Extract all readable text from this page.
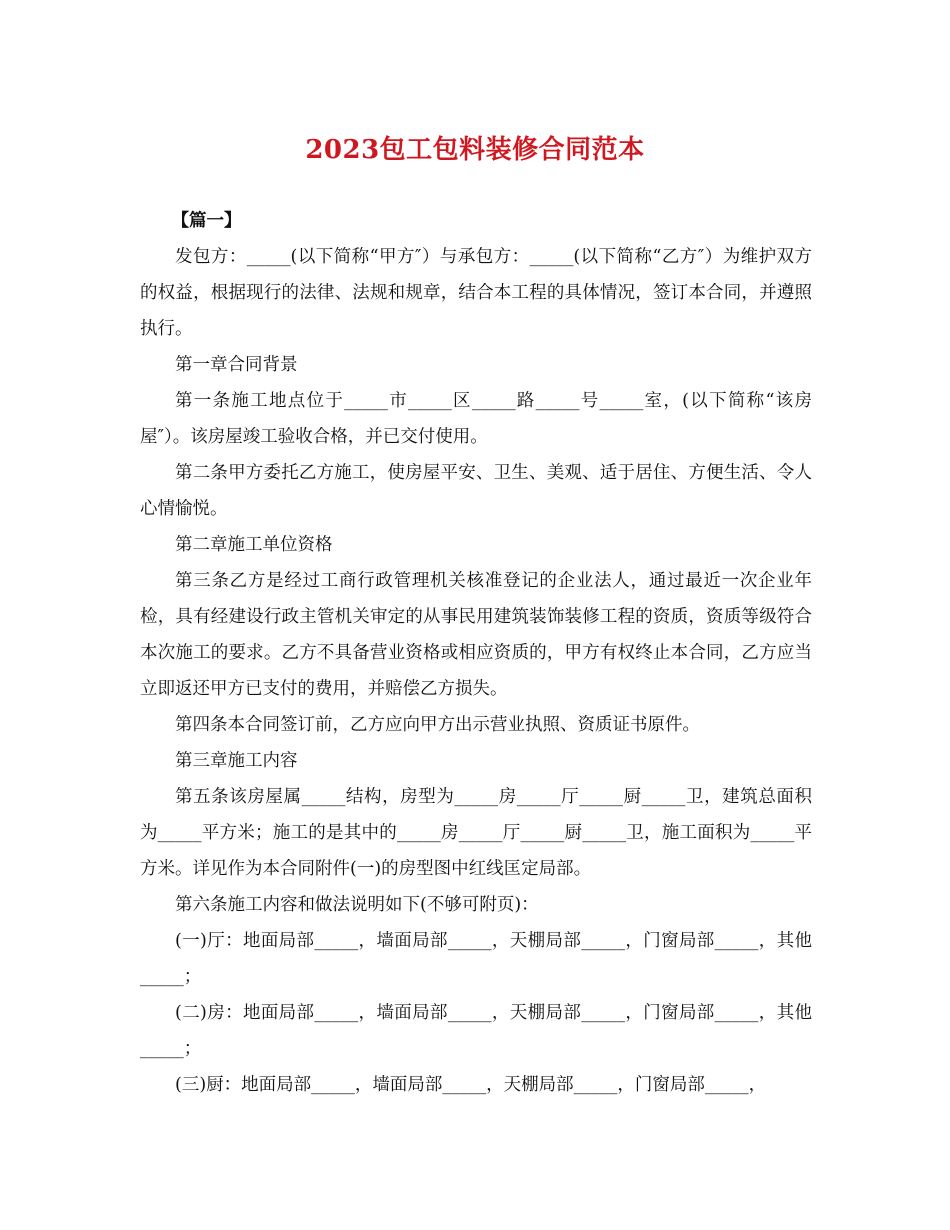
2023包工包料装修合同范本

【篇一】

发包方：_____(以下简称“甲方″）与承包方：_____(以下简称“乙方″）为维护双方的权益，根据现行的法律、法规和规章，结合本工程的具体情况，签订本合同，并遵照执行。

第一章合同背景

第一条施工地点位于_____市_____区_____路_____号_____室，(以下简称“该房屋″）。该房屋竣工验收合格，并已交付使用。

第二条甲方委托乙方施工，使房屋平安、卫生、美观、适于居住、方便生活、令人心情愉悦。

第二章施工单位资格

第三条乙方是经过工商行政管理机关核准登记的企业法人，通过最近一次企业年检，具有经建设行政主管机关审定的从事民用建筑装饰装修工程的资质，资质等级符合本次施工的要求。乙方不具备营业资格或相应资质的，甲方有权终止本合同，乙方应当立即返还甲方已支付的费用，并赔偿乙方损失。

第四条本合同签订前，乙方应向甲方出示营业执照、资质证书原件。

第三章施工内容

第五条该房屋属_____结构，房型为_____房_____厅_____厨_____卫，建筑总面积为_____平方米；施工的是其中的_____房_____厅_____厨_____卫，施工面积为_____平方米。详见作为本合同附件(一)的房型图中红线匡定局部。

第六条施工内容和做法说明如下(不够可附页)：

(一)厅：地面局部_____，墙面局部_____，天棚局部_____，门窗局部_____，其他_____；

(二)房：地面局部_____，墙面局部_____，天棚局部_____，门窗局部_____，其他_____；

(三)厨：地面局部_____，墙面局部_____，天棚局部_____，门窗局部_____，
